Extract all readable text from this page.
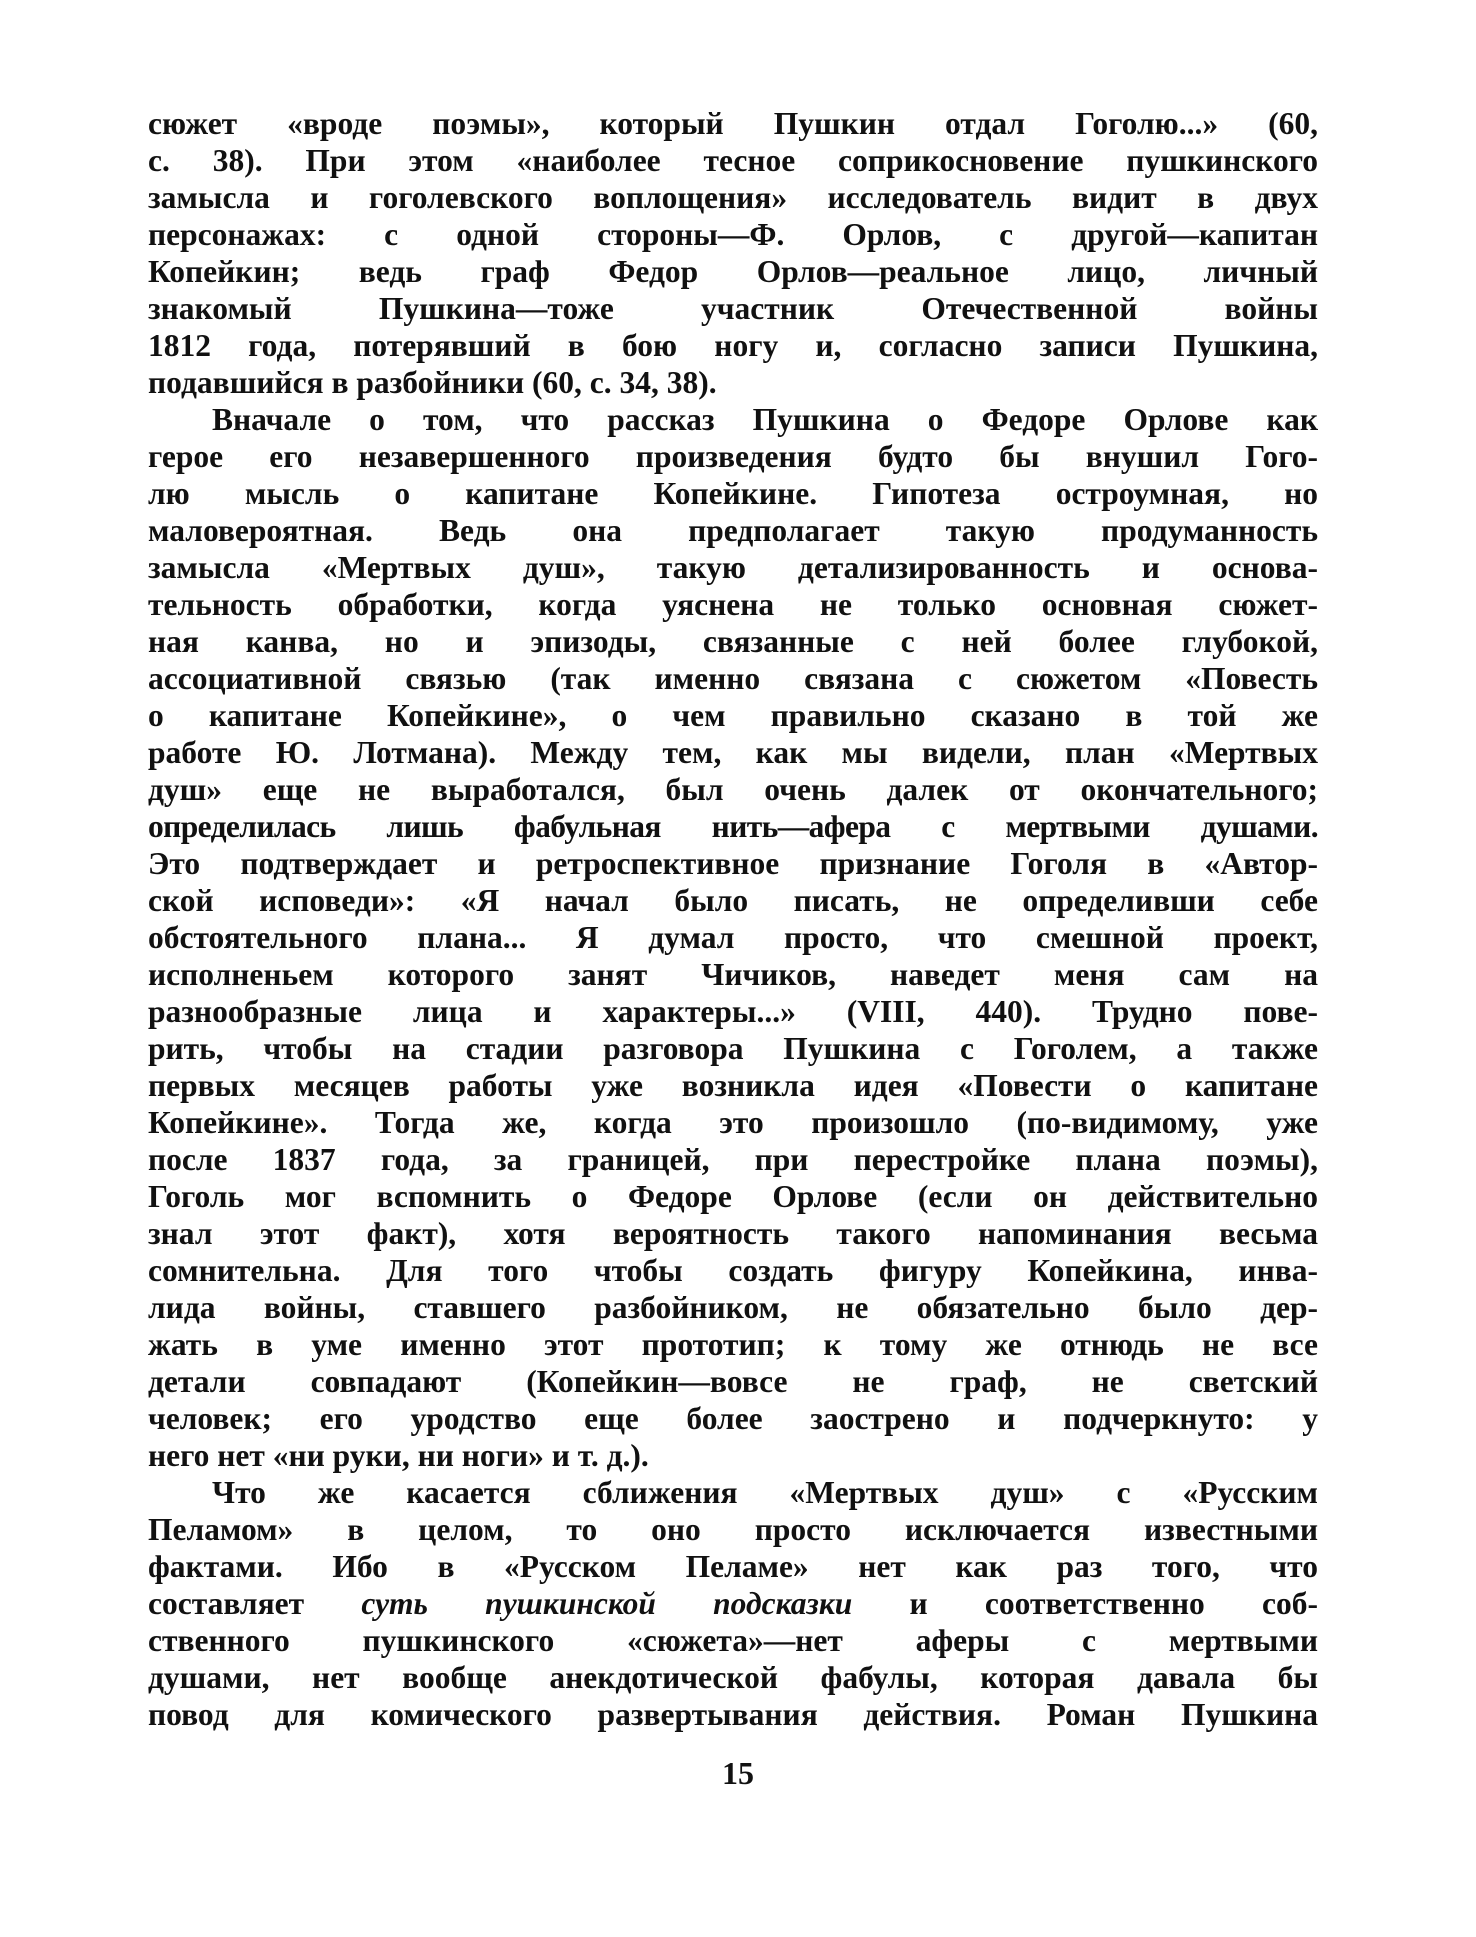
сюжет «вроде поэмы», который Пушкин отдал Гоголю...» (60,
с. 38). При этом «наиболее тесное соприкосновение пушкинского
замысла и гоголевского воплощения» исследователь видит в двух
персонажах: с одной стороны—Ф. Орлов, с другой—капитан
Копейкин; ведь граф Федор Орлов—реальное лицо, личный
знакомый Пушкина—тоже участник Отечественной войны
1812 года, потерявший в бою ногу и, согласно записи Пушкина,
подавшийся в разбойники (60, с. 34, 38).
Вначале о том, что рассказ Пушкина о Федоре Орлове как
герое его незавершенного произведения будто бы внушил Гого-
лю мысль о капитане Копейкине. Гипотеза остроумная, но
маловероятная. Ведь она предполагает такую продуманность
замысла «Мертвых душ», такую детализированность и основа-
тельность обработки, когда уяснена не только основная сюжет-
ная канва, но и эпизоды, связанные с ней более глубокой,
ассоциативной связью (так именно связана с сюжетом «Повесть
о капитане Копейкине», о чем правильно сказано в той же
работе Ю. Лотмана). Между тем, как мы видели, план «Мертвых
душ» еще не выработался, был очень далек от окончательного;
определилась лишь фабульная нить—афера с мертвыми душами.
Это подтверждает и ретроспективное признание Гоголя в «Автор-
ской исповеди»: «Я начал было писать, не определивши себе
обстоятельного плана... Я думал просто, что смешной проект,
исполненьем которого занят Чичиков, наведет меня сам на
разнообразные лица и характеры...» (VIII, 440). Трудно пове-
рить, чтобы на стадии разговора Пушкина с Гоголем, а также
первых месяцев работы уже возникла идея «Повести о капитане
Копейкине». Тогда же, когда это произошло (по-видимому, уже
после 1837 года, за границей, при перестройке плана поэмы),
Гоголь мог вспомнить о Федоре Орлове (если он действительно
знал этот факт), хотя вероятность такого напоминания весьма
сомнительна. Для того чтобы создать фигуру Копейкина, инва-
лида войны, ставшего разбойником, не обязательно было дер-
жать в уме именно этот прототип; к тому же отнюдь не все
детали совпадают (Копейкин—вовсе не граф, не светский
человек; его уродство еще более заострено и подчеркнуто: у
него нет «ни руки, ни ноги» и т. д.).
Что же касается сближения «Мертвых душ» с «Русским
Пеламом» в целом, то оно просто исключается известными
фактами. Ибо в «Русском Пеламе» нет как раз того, что
составляет суть пушкинской подсказки и соответственно соб-
ственного пушкинского «сюжета»—нет аферы с мертвыми
душами, нет вообще анекдотической фабулы, которая давала бы
повод для комического развертывания действия. Роман Пушкина
15
